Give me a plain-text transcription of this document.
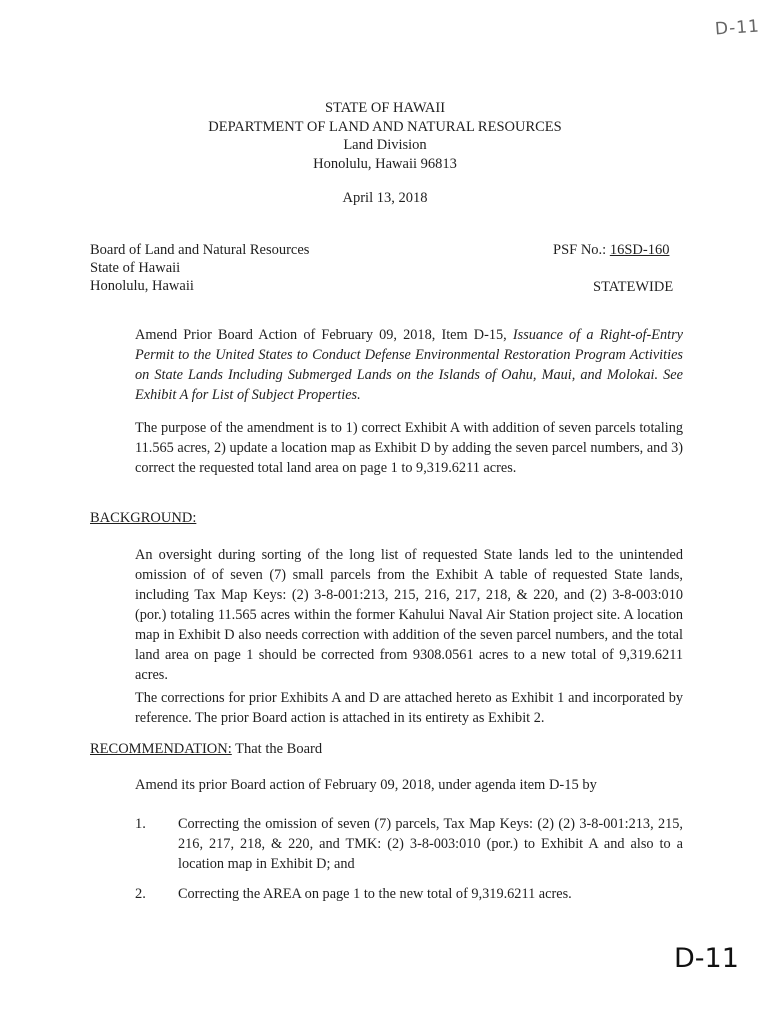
D-11
STATE OF HAWAII
DEPARTMENT OF LAND AND NATURAL RESOURCES
Land Division
Honolulu, Hawaii 96813
April 13, 2018
Board of Land and Natural Resources
State of Hawaii
Honolulu, Hawaii
PSF No.: 16SD-160
STATEWIDE
Amend Prior Board Action of February 09, 2018, Item D-15, Issuance of a Right-of-Entry Permit to the United States to Conduct Defense Environmental Restoration Program Activities on State Lands Including Submerged Lands on the Islands of Oahu, Maui, and Molokai. See Exhibit A for List of Subject Properties.
The purpose of the amendment is to 1) correct Exhibit A with addition of seven parcels totaling 11.565 acres, 2) update a location map as Exhibit D by adding the seven parcel numbers, and 3) correct the requested total land area on page 1 to 9,319.6211 acres.
BACKGROUND:
An oversight during sorting of the long list of requested State lands led to the unintended omission of of seven (7) small parcels from the Exhibit A table of requested State lands, including Tax Map Keys: (2) 3-8-001:213, 215, 216, 217, 218, & 220, and (2) 3-8-003:010 (por.) totaling 11.565 acres within the former Kahului Naval Air Station project site. A location map in Exhibit D also needs correction with addition of the seven parcel numbers, and the total land area on page 1 should be corrected from 9308.0561 acres to a new total of 9,319.6211 acres.
The corrections for prior Exhibits A and D are attached hereto as Exhibit 1 and incorporated by reference. The prior Board action is attached in its entirety as Exhibit 2.
RECOMMENDATION: That the Board
Amend its prior Board action of February 09, 2018, under agenda item D-15 by
1.	Correcting the omission of seven (7) parcels, Tax Map Keys: (2) (2) 3-8-001:213, 215, 216, 217, 218, & 220, and TMK: (2) 3-8-003:010 (por.) to Exhibit A and also to a location map in Exhibit D; and
2.	Correcting the AREA on page 1 to the new total of 9,319.6211 acres.
D-11
